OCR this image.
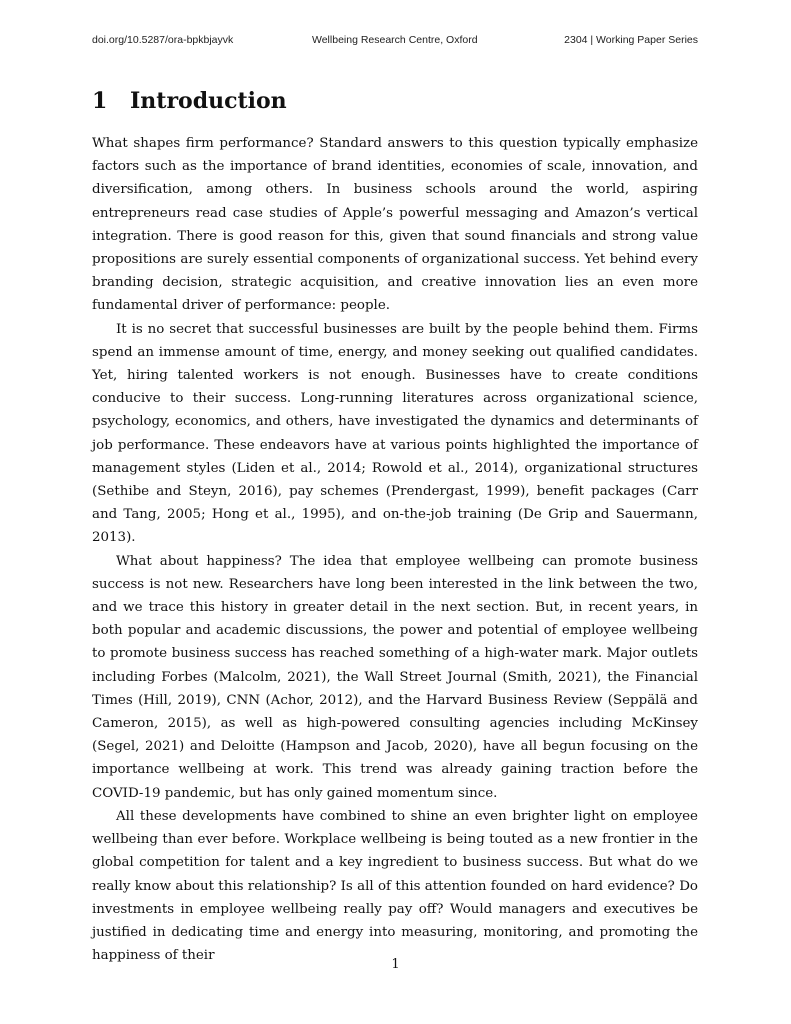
doi.org/10.5287/ora-bpkbjayvk	Wellbeing Research Centre, Oxford	2304 | Working Paper Series
1 Introduction

What shapes firm performance? Standard answers to this question typically emphasize factors such as the importance of brand identities, economies of scale, innovation, and diversification, among others. In business schools around the world, aspiring entrepreneurs read case studies of Apple’s powerful messaging and Amazon’s vertical integration. There is good reason for this, given that sound financials and strong value propositions are surely essential components of organizational success. Yet behind every branding decision, strategic acquisition, and creative innovation lies an even more fundamental driver of performance: people.

It is no secret that successful businesses are built by the people behind them. Firms spend an immense amount of time, energy, and money seeking out qualified candidates. Yet, hiring talented workers is not enough. Businesses have to create conditions conducive to their success. Long-running literatures across organizational science, psychology, economics, and others, have investigated the dynamics and determinants of job performance. These endeavors have at various points highlighted the importance of management styles (Liden et al., 2014; Rowold et al., 2014), organizational structures (Sethibe and Steyn, 2016), pay schemes (Prendergast, 1999), benefit packages (Carr and Tang, 2005; Hong et al., 1995), and on-the-job training (De Grip and Sauermann, 2013).

What about happiness? The idea that employee wellbeing can promote business success is not new. Researchers have long been interested in the link between the two, and we trace this history in greater detail in the next section. But, in recent years, in both popular and academic discussions, the power and potential of employee wellbeing to promote business success has reached something of a high-water mark. Major outlets including Forbes (Malcolm, 2021), the Wall Street Journal (Smith, 2021), the Financial Times (Hill, 2019), CNN (Achor, 2012), and the Harvard Business Review (Seppälä and Cameron, 2015), as well as high-powered consulting agencies including McKinsey (Segel, 2021) and Deloitte (Hampson and Jacob, 2020), have all begun focusing on the importance wellbeing at work. This trend was already gaining traction before the COVID-19 pandemic, but has only gained momentum since.

All these developments have combined to shine an even brighter light on employee wellbeing than ever before. Workplace wellbeing is being touted as a new frontier in the global competition for talent and a key ingredient to business success. But what do we really know about this relationship? Is all of this attention founded on hard evidence? Do investments in employee wellbeing really pay off? Would managers and executives be justified in dedicating time and energy into measuring, monitoring, and promoting the happiness of their

1
